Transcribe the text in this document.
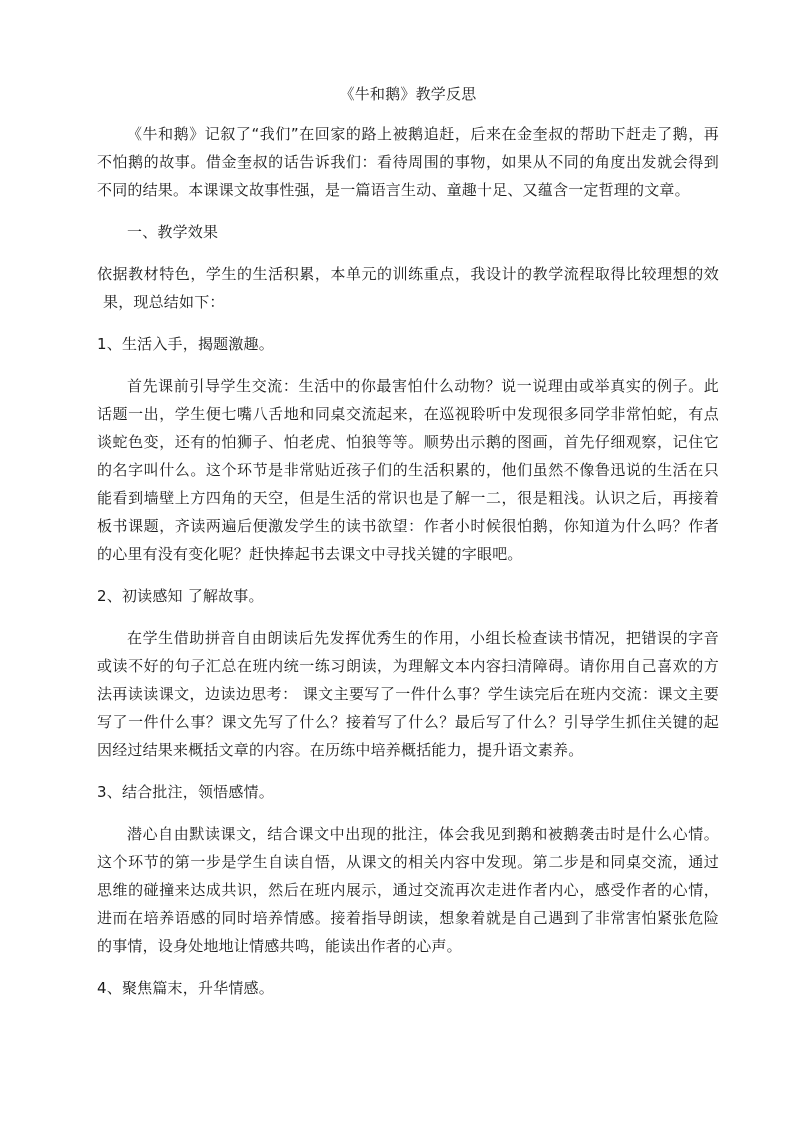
《牛和鹅》教学反思

《牛和鹅》记叙了“我们”在回家的路上被鹅追赶，后来在金奎叔的帮助下赶走了鹅，再不怕鹅的故事。借金奎叔的话告诉我们：看待周围的事物，如果从不同的角度出发就会得到不同的结果。本课课文故事性强，是一篇语言生动、童趣十足、又蕴含一定哲理的文章。

一、教学效果

依据教材特色，学生的生活积累，本单元的训练重点，我设计的教学流程取得比较理想的效果，现总结如下：

1、生活入手，揭题激趣。

首先课前引导学生交流：生活中的你最害怕什么动物？说一说理由或举真实的例子。此话题一出，学生便七嘴八舌地和同桌交流起来，在巡视聆听中发现很多同学非常怕蛇，有点谈蛇色变，还有的怕狮子、怕老虎、怕狼等等。顺势出示鹅的图画，首先仔细观察，记住它的名字叫什么。这个环节是非常贴近孩子们的生活积累的，他们虽然不像鲁迅说的生活在只能看到墙壁上方四角的天空，但是生活的常识也是了解一二，很是粗浅。认识之后，再接着板书课题，齐读两遍后便激发学生的读书欲望：作者小时候很怕鹅，你知道为什么吗？作者的心里有没有变化呢？赶快捧起书去课文中寻找关键的字眼吧。

2、初读感知 了解故事。

在学生借助拼音自由朗读后先发挥优秀生的作用，小组长检查读书情况，把错误的字音或读不好的句子汇总在班内统一练习朗读，为理解文本内容扫清障碍。请你用自己喜欢的方法再读读课文，边读边思考： 课文主要写了一件什么事？学生读完后在班内交流：课文主要写了一件什么事？课文先写了什么？接着写了什么？最后写了什么？引导学生抓住关键的起因经过结果来概括文章的内容。在历练中培养概括能力，提升语文素养。

3、结合批注，领悟感情。

潜心自由默读课文，结合课文中出现的批注，体会我见到鹅和被鹅袭击时是什么心情。这个环节的第一步是学生自读自悟，从课文的相关内容中发现。第二步是和同桌交流，通过思维的碰撞来达成共识，然后在班内展示，通过交流再次走进作者内心，感受作者的心情，进而在培养语感的同时培养情感。接着指导朗读，想象着就是自己遇到了非常害怕紧张危险的事情，设身处地地让情感共鸣，能读出作者的心声。

4、聚焦篇末，升华情感。
